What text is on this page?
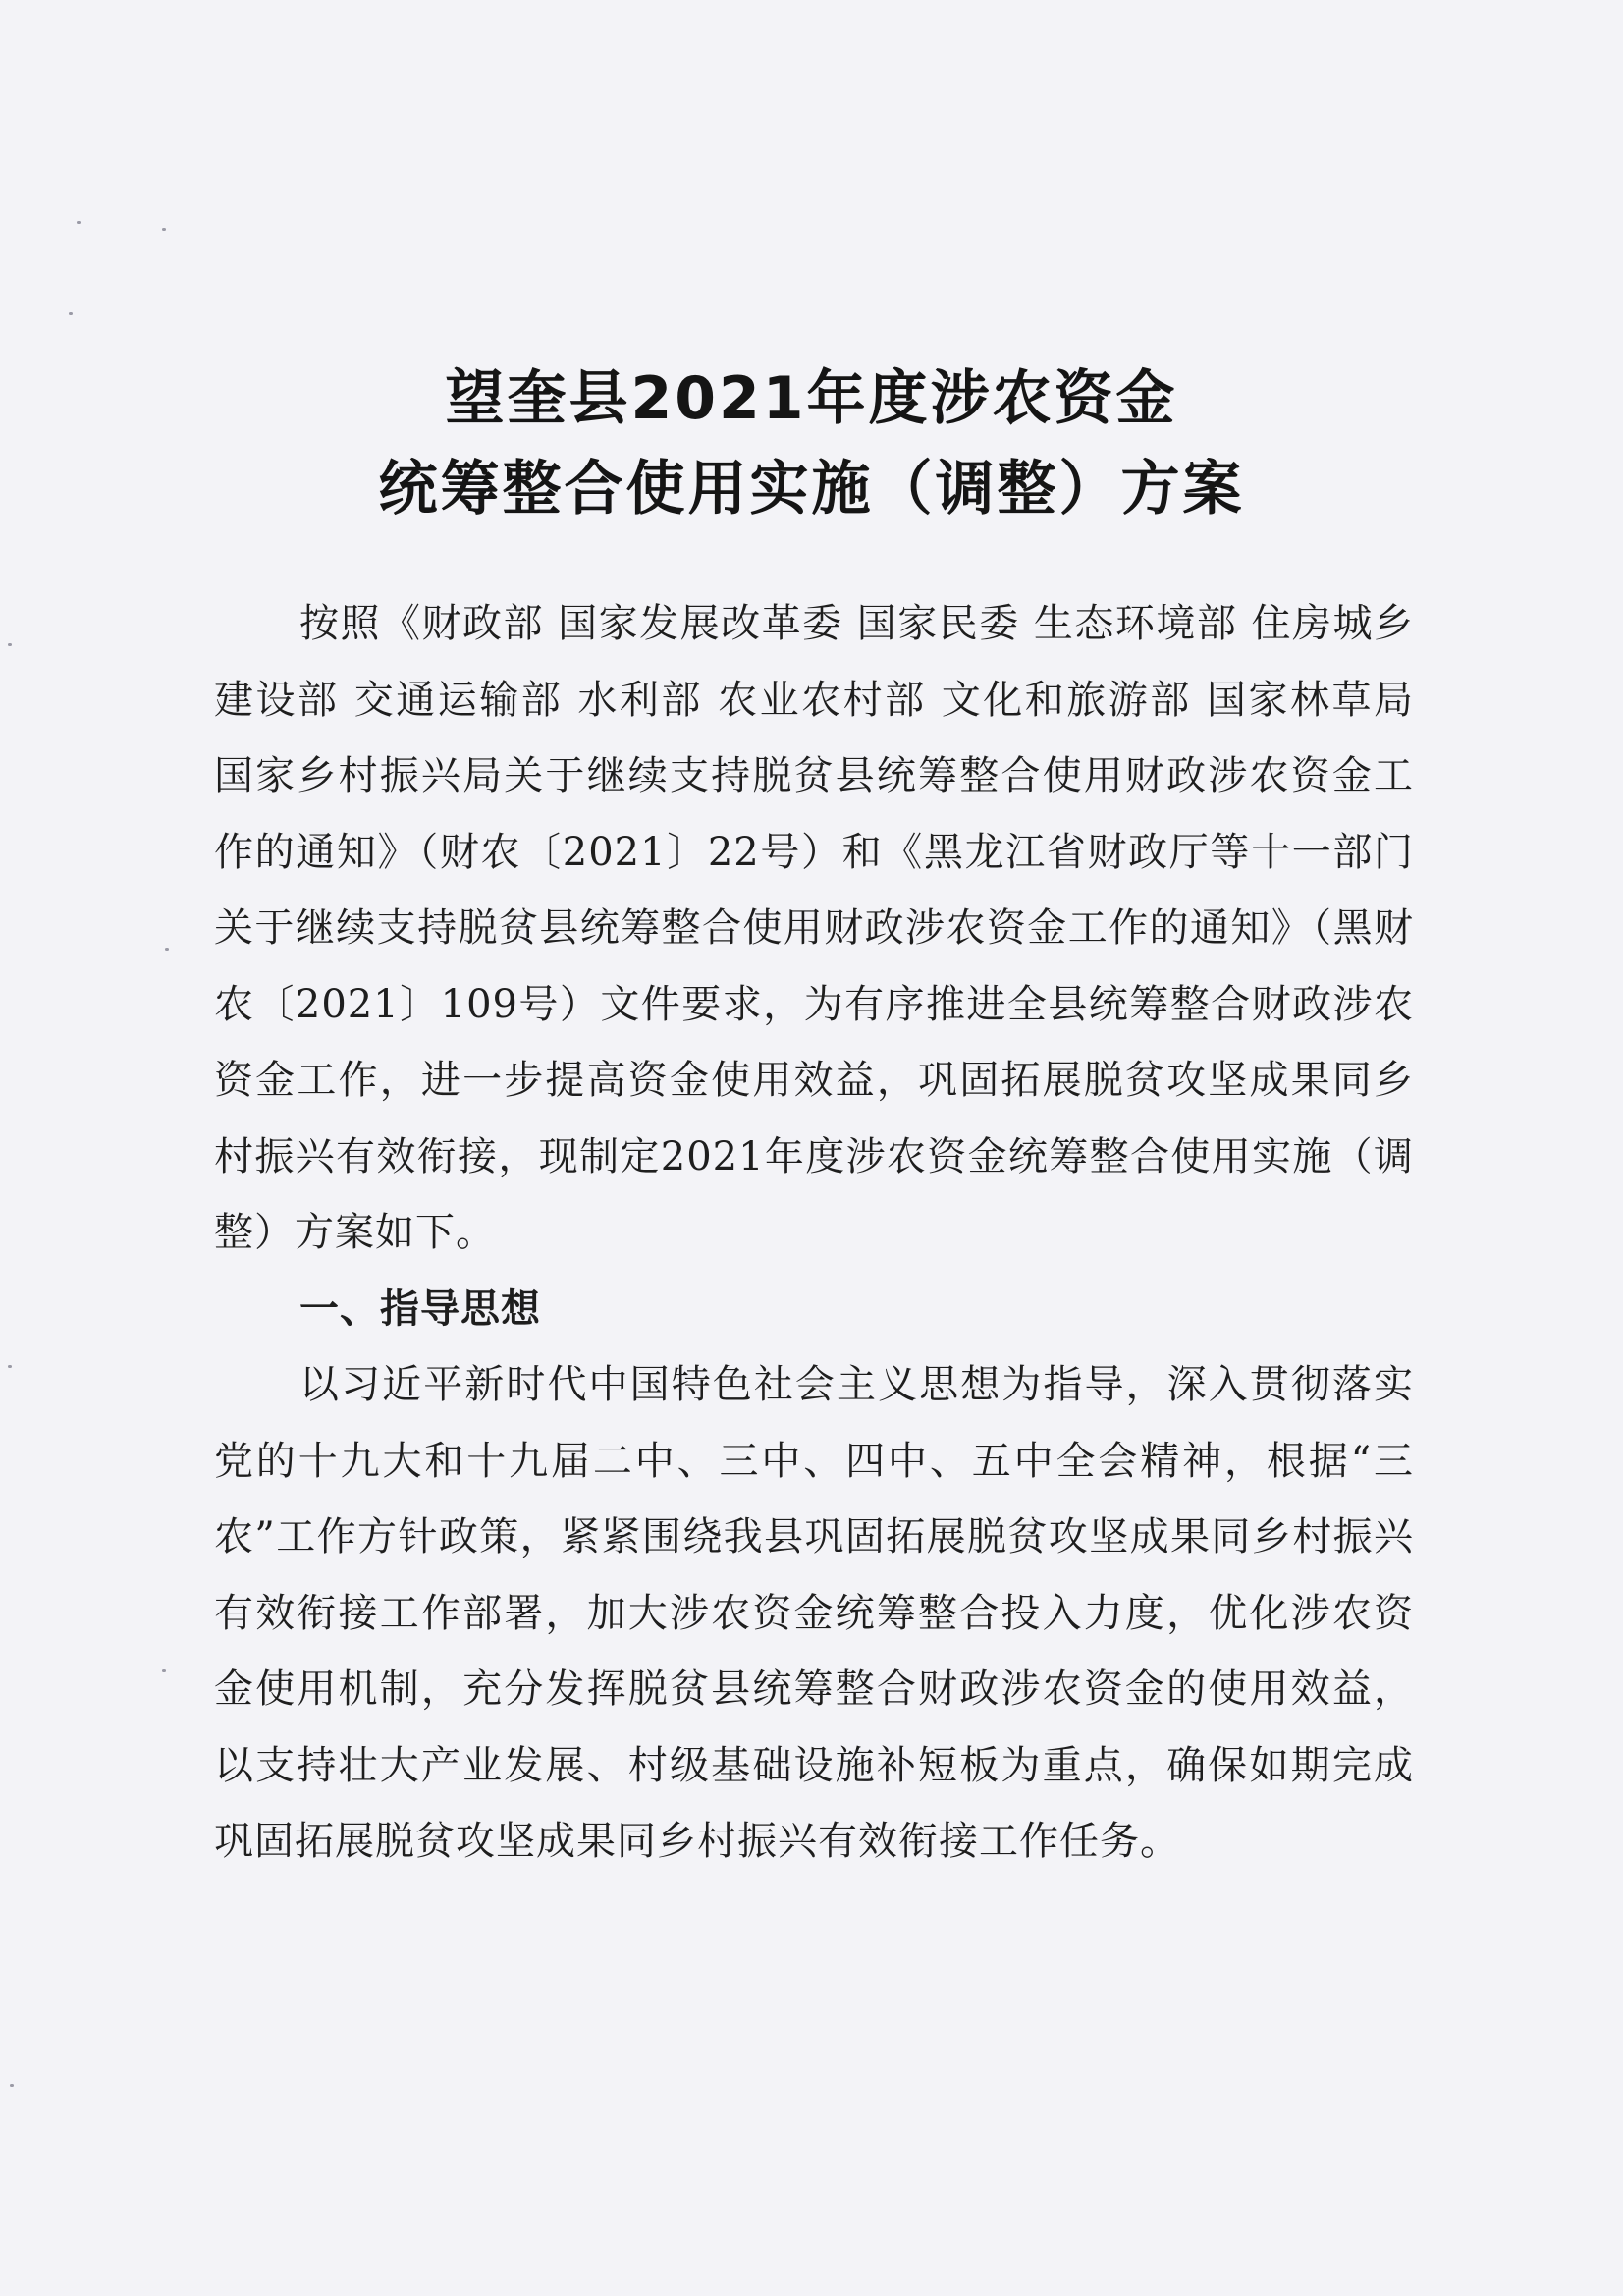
望奎县2021年度涉农资金
统筹整合使用实施（调整）方案

按照《财政部 国家发展改革委 国家民委 生态环境部 住房城乡建设部 交通运输部 水利部 农业农村部 文化和旅游部 国家林草局 国家乡村振兴局关于继续支持脱贫县统筹整合使用财政涉农资金工作的通知》（财农〔2021〕22号）和《黑龙江省财政厅等十一部门关于继续支持脱贫县统筹整合使用财政涉农资金工作的通知》（黑财农〔2021〕109号）文件要求，为有序推进全县统筹整合财政涉农资金工作，进一步提高资金使用效益，巩固拓展脱贫攻坚成果同乡村振兴有效衔接，现制定2021年度涉农资金统筹整合使用实施（调整）方案如下。

一、指导思想

以习近平新时代中国特色社会主义思想为指导，深入贯彻落实党的十九大和十九届二中、三中、四中、五中全会精神，根据“三农”工作方针政策，紧紧围绕我县巩固拓展脱贫攻坚成果同乡村振兴有效衔接工作部署，加大涉农资金统筹整合投入力度，优化涉农资金使用机制，充分发挥脱贫县统筹整合财政涉农资金的使用效益，以支持壮大产业发展、村级基础设施补短板为重点，确保如期完成巩固拓展脱贫攻坚成果同乡村振兴有效衔接工作任务。
